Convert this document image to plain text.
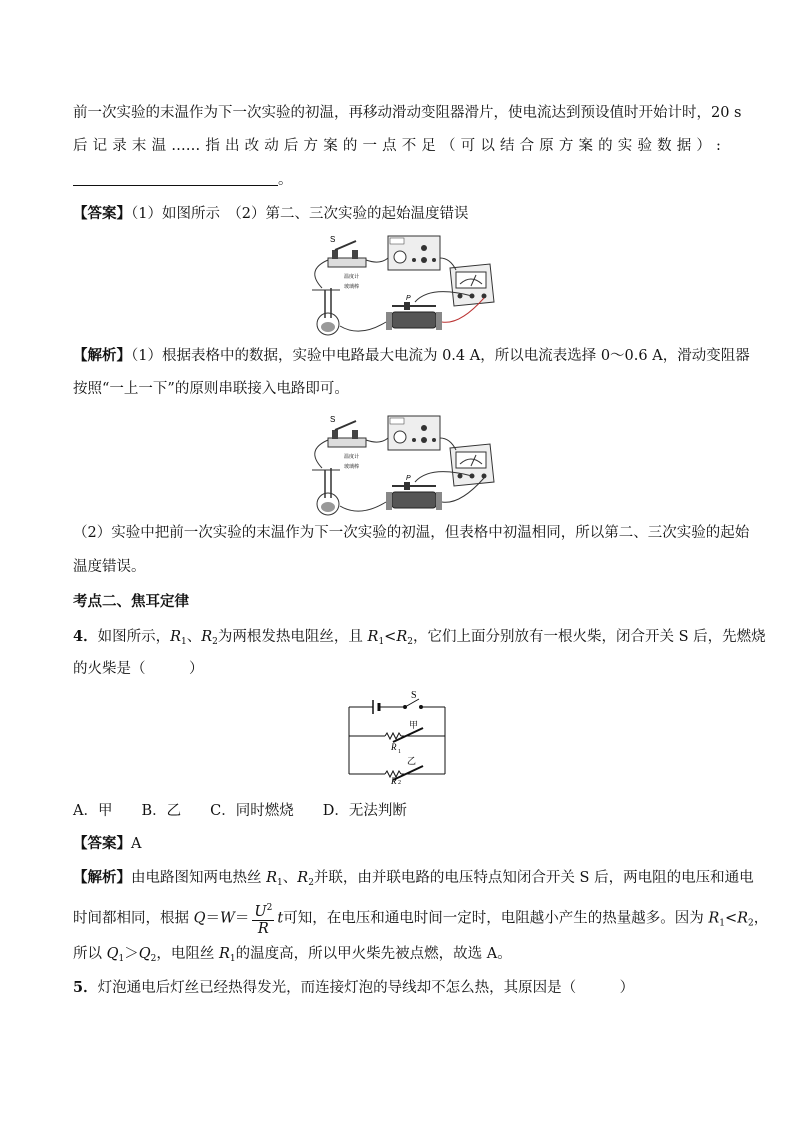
前一次实验的末温作为下一次实验的初温，再移动滑动变阻器滑片，使电流达到预设值时开始计时，20 s
后 记 录 末 温 …… 指 出 改 动 后 方 案 的 一 点 不 足 （ 可 以 结 合 原 方 案 的 实 验 数 据 ） :
。
【答案】（1）如图所示　（2）第二、三次实验的起始温度错误
S
P
温度计
玻璃棒
【解析】（1）根据表格中的数据，实验中电路最大电流为 0.4 A，所以电流表选择 0～0.6 A，滑动变阻器
按照“一上一下”的原则串联接入电路即可。
S
P
温度计
玻璃棒
（2）实验中把前一次实验的末温作为下一次实验的初温，但表格中初温相同，所以第二、三次实验的起始
温度错误。
考点二、焦耳定律
4．如图所示，$R_1$、$R_2$为两根发热电阻丝，且 $R_1<R_2$，它们上面分别放有一根火柴，闭合开关 S 后，先燃烧
的火柴是（　　　）
S
甲
R 1
乙
R 2
A．甲　　B．乙　　C．同时燃烧　　D．无法判断
【答案】A
【解析】由电路图知两电热丝 $R_1$、$R_2$并联，由并联电路的电压特点知闭合开关 S 后，两电阻的电压和通电
时间都相同，根据 $Q=W= \frac{U^2}{R}$ t可知，在电压和通电时间一定时，电阻越小产生的热量越多。因为 $R_1<R_2$，
所以 $Q_1>Q_2$，电阻丝 $R_1$的温度高，所以甲火柴先被点燃，故选 A。
5．灯泡通电后灯丝已经热得发光，而连接灯泡的导线却不怎么热，其原因是（　　　）
